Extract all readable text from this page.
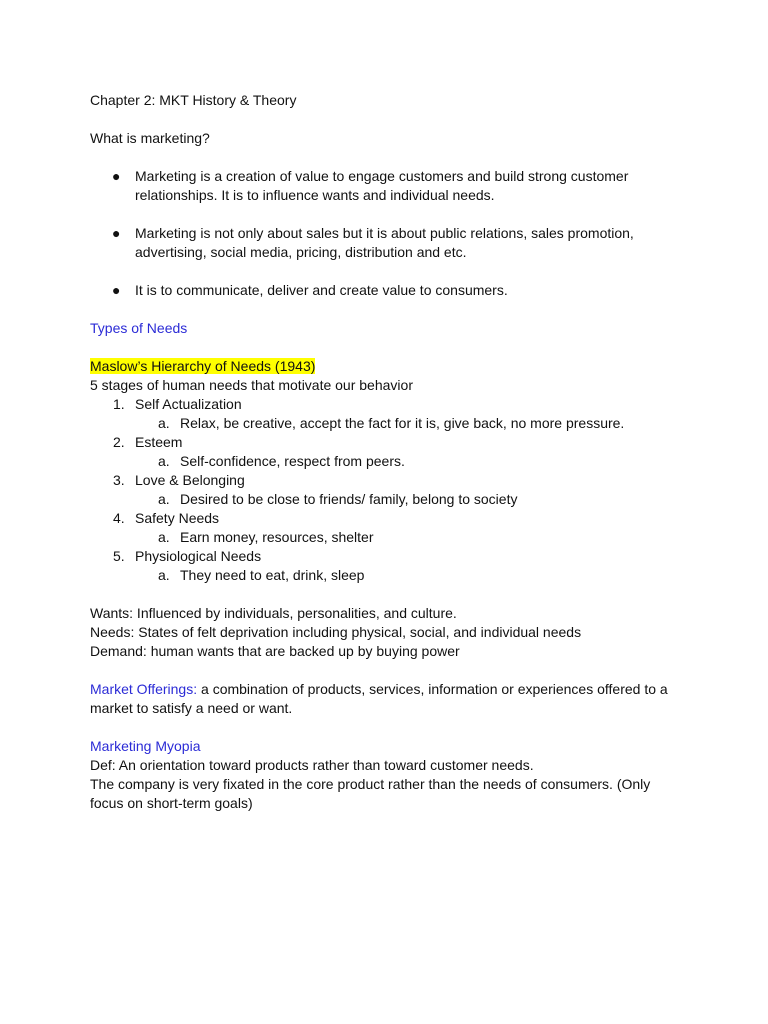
Chapter 2: MKT History & Theory
What is marketing?
● Marketing is a creation of value to engage customers and build strong customer
relationships. It is to influence wants and individual needs.
● Marketing is not only about sales but it is about public relations, sales promotion,
advertising, social media, pricing, distribution and etc.
● It is to communicate, deliver and create value to consumers.
Types of Needs
Maslow’s Hierarchy of Needs (1943)
5 stages of human needs that motivate our behavior
1. Self Actualization
a. Relax, be creative, accept the fact for it is, give back, no more pressure.
2. Esteem
a. Self-confidence, respect from peers.
3. Love & Belonging
a. Desired to be close to friends/ family, belong to society
4. Safety Needs
a. Earn money, resources, shelter
5. Physiological Needs
a. They need to eat, drink, sleep
Wants: Influenced by individuals, personalities, and culture.
Needs: States of felt deprivation including physical, social, and individual needs
Demand: human wants that are backed up by buying power
Market Offerings: a combination of products, services, information or experiences offered to a
market to satisfy a need or want.
Marketing Myopia
Def: An orientation toward products rather than toward customer needs.
The company is very fixated in the core product rather than the needs of consumers. (Only
focus on short-term goals)
